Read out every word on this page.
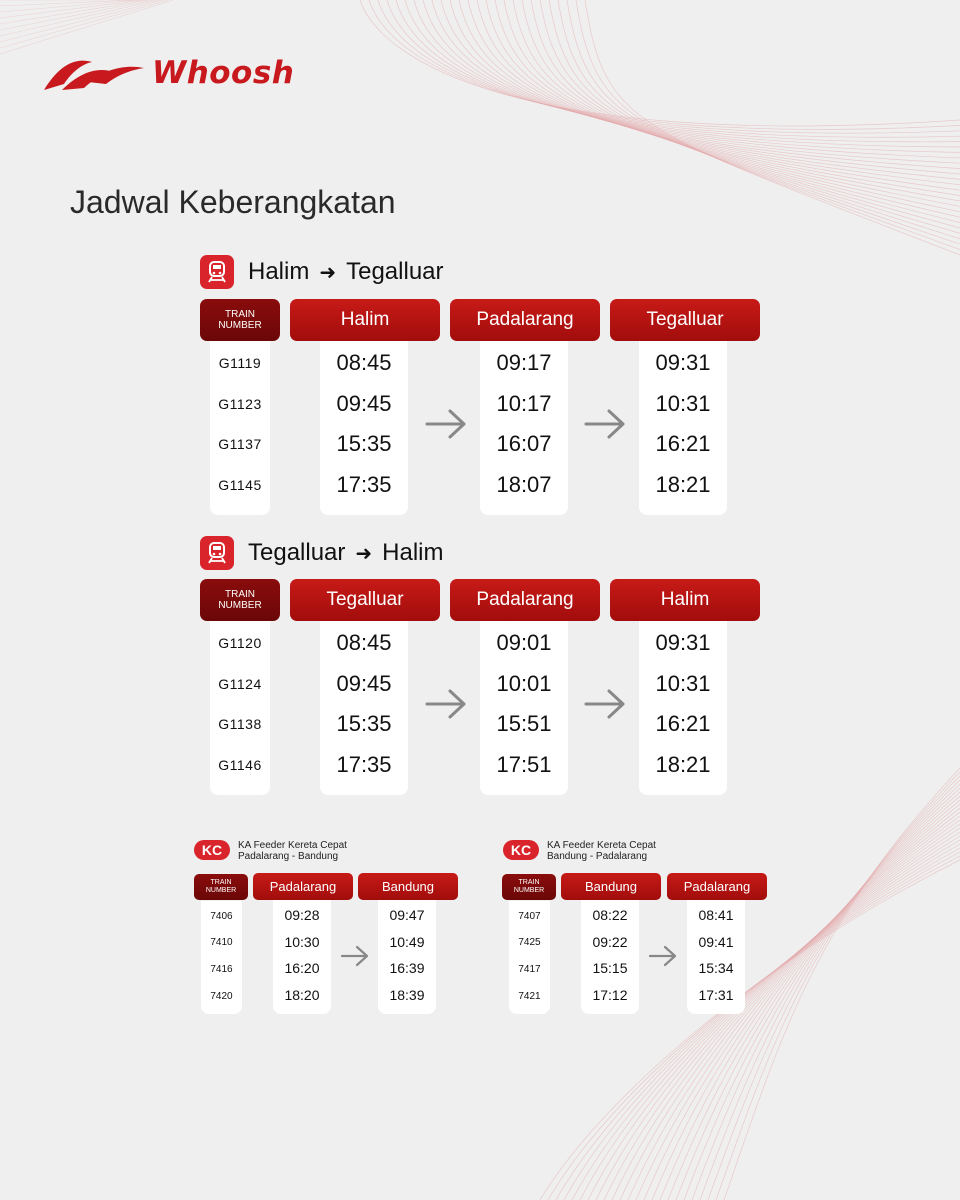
Whoosh
Jadwal Keberangkatan
Halim ➜ Tegalluar
TRAIN
NUMBER
G1119
G1123
G1137
G1145
Halim
08:45
09:45
15:35
17:35
Padalarang
09:17
10:17
16:07
18:07
Tegalluar
09:31
10:31
16:21
18:21
Tegalluar ➜ Halim
TRAIN
NUMBER
G1120
G1124
G1138
G1146
Tegalluar
08:45
09:45
15:35
17:35
Padalarang
09:01
10:01
15:51
17:51
Halim
09:31
10:31
16:21
18:21
KC	KA Feeder Kereta Cepat
Padalarang - Bandung
TRAIN
NUMBER
7406
7410
7416
7420
Padalarang
09:28
10:30
16:20
18:20
Bandung
09:47
10:49
16:39
18:39
KC	KA Feeder Kereta Cepat
Bandung - Padalarang
TRAIN
NUMBER
7407
7425
7417
7421
Bandung
08:22
09:22
15:15
17:12
Padalarang
08:41
09:41
15:34
17:31
